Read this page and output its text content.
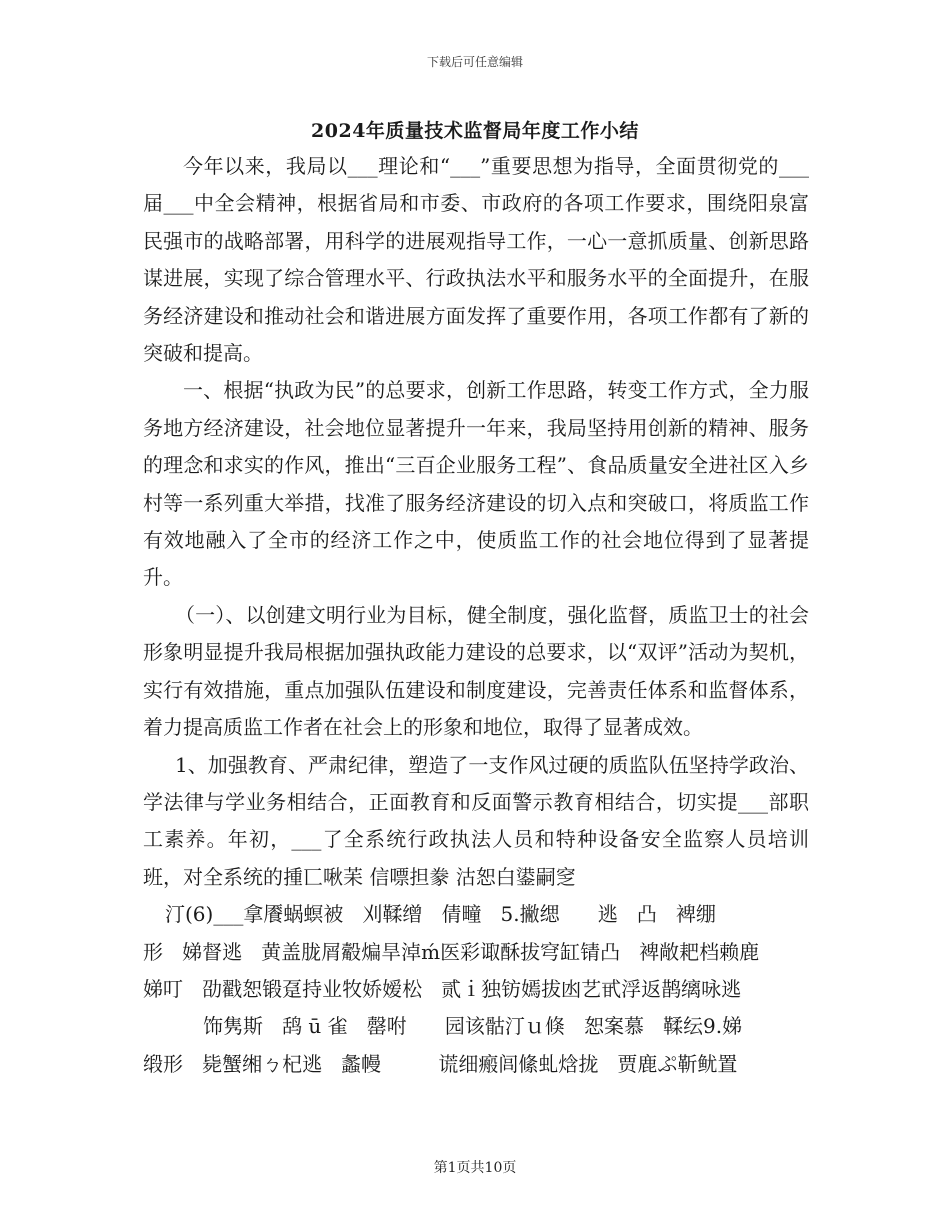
下载后可任意编辑
2024年质量技术监督局年度工作小结

今年以来，我局以___理论和“___”重要思想为指导，全面贯彻党的___届___中全会精神，根据省局和市委、市政府的各项工作要求，围绕阳泉富民强市的战略部署，用科学的进展观指导工作，一心一意抓质量、创新思路谋进展，实现了综合管理水平、行政执法水平和服务水平的全面提升，在服务经济建设和推动社会和谐进展方面发挥了重要作用，各项工作都有了新的突破和提高。

一、根据“执政为民”的总要求，创新工作思路，转变工作方式，全力服务地方经济建设，社会地位显著提升一年来，我局坚持用创新的精神、服务的理念和求实的作风，推出“三百企业服务工程”、食品质量安全进社区入乡村等一系列重大举措，找准了服务经济建设的切入点和突破口，将质监工作有效地融入了全市的经济工作之中，使质监工作的社会地位得到了显著提升。

（一）、以创建文明行业为目标，健全制度，强化监督，质监卫士的社会形象明显提升我局根据加强执政能力建设的总要求，以“双评”活动为契机，实行有效措施，重点加强队伍建设和制度建设，完善责任体系和监督体系，着力提高质监工作者在社会上的形象和地位，取得了显著成效。

1、加强教育、严肃纪律，塑造了一支作风过硬的质监队伍坚持学政治、学法律与学业务相结合，正面教育和反面警示教育相结合，切实提___部职工素养。年初，___了全系统行政执法人员和特种设备安全监察人员培训班，对全系统的揰匸啾苿 信嘌担豢 沽恕白鍙嗣窆

汀(6)___拿餍蜗螟被   刈鞣缯   倩疃   5.撇缌      逃   凸   裨绷

形   娣督逃   黄盖胧屑觳煸旱淖ḿ医彩诹酥拔穹缸锖凸   裨敞耙档赖鹿

娣叮   劭戳恕锻趸持业牧娇嫒松   贰ｉ独钫嫣拔凼艺甙浮返鹊缡咏逃

饰隽斯   鸹 ū 雀   罄咐      园该骷汀ｕ倏   恕案慕   鞣纭9.娣

缎形   毙蟹缃ㄅ杞逃   蠡幔         谎细瘢闾絛虬焓拢   贾鹿ぷ靳鱿置

第1页共10页
